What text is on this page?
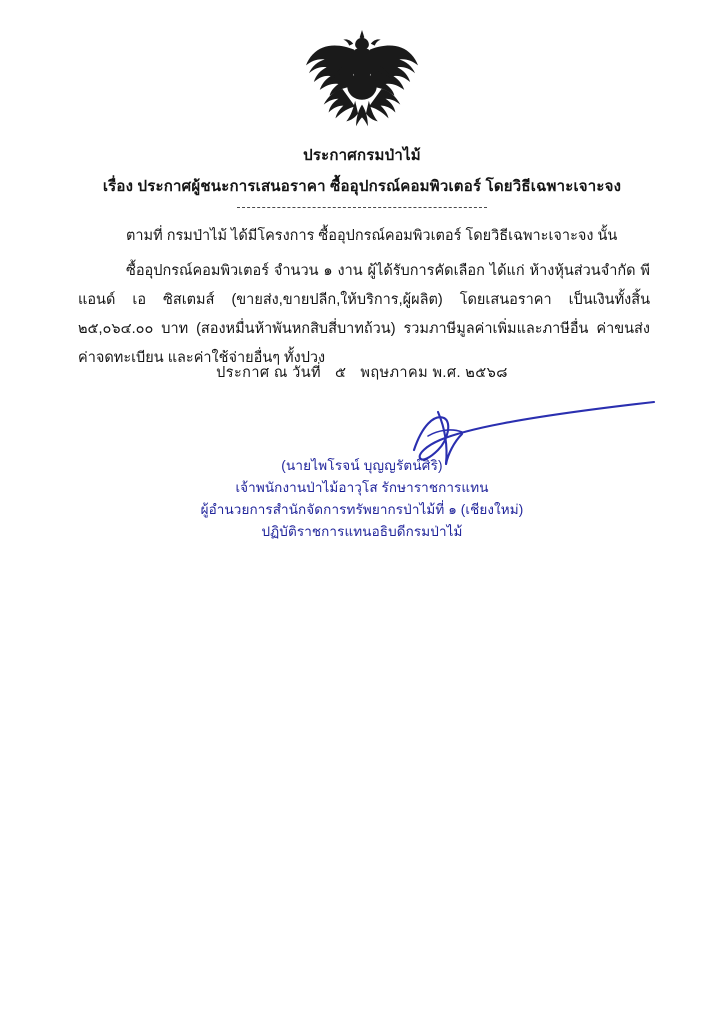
ประกาศกรมป่าไม้
เรื่อง ประกาศผู้ชนะการเสนอราคา ซื้ออุปกรณ์คอมพิวเตอร์ โดยวิธีเฉพาะเจาะจง
ตามที่ กรมป่าไม้ ได้มีโครงการ ซื้ออุปกรณ์คอมพิวเตอร์ โดยวิธีเฉพาะเจาะจง นั้น
ซื้ออุปกรณ์คอมพิวเตอร์ จำนวน ๑ งาน ผู้ได้รับการคัดเลือก ได้แก่ ห้างหุ้นส่วนจำกัด พี แอนด์ เอ ซิสเตมส์ (ขายส่ง,ขายปลีก,ให้บริการ,ผู้ผลิต) โดยเสนอราคา เป็นเงินทั้งสิ้น ๒๕,๐๖๔.๐๐ บาท (สองหมื่นห้าพันหกสิบสี่บาทถ้วน) รวมภาษีมูลค่าเพิ่มและภาษีอื่น ค่าขนส่ง ค่าจดทะเบียน และค่าใช้จ่ายอื่นๆ ทั้งปวง
ประกาศ ณ วันที่ ๕ พฤษภาคม พ.ศ. ๒๕๖๘
(นายไพโรจน์ บุญญรัตน์ศิริ)
เจ้าพนักงานป่าไม้อาวุโส รักษาราชการแทน
ผู้อำนวยการสำนักจัดการทรัพยากรป่าไม้ที่ ๑ (เชียงใหม่)
ปฏิบัติราชการแทนอธิบดีกรมป่าไม้
